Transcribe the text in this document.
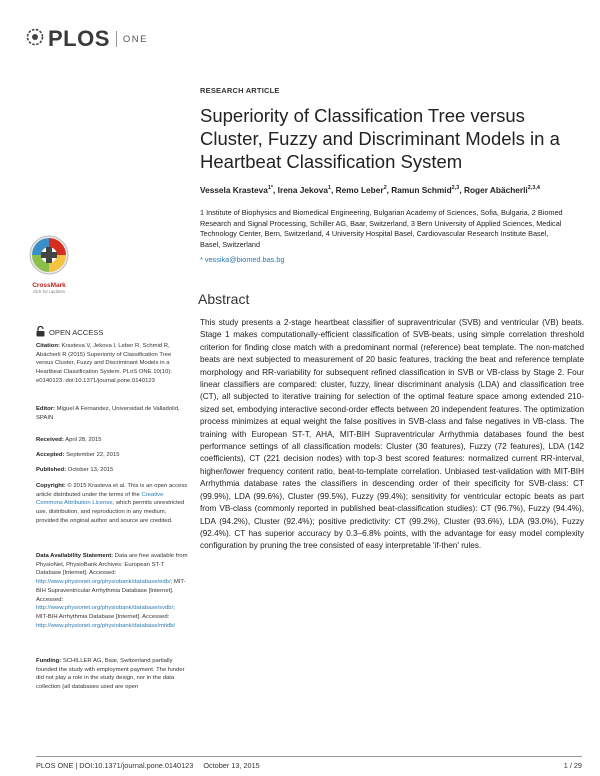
PLOS ONE
RESEARCH ARTICLE
Superiority of Classification Tree versus Cluster, Fuzzy and Discriminant Models in a Heartbeat Classification System
Vessela Krasteva$^{1*}$, Irena Jekova$^1$, Remo Leber$^2$, Ramun Schmid$^{2,3}$, Roger Abächerli$^{2,3,4}$
1 Institute of Biophysics and Biomedical Engineering, Bulgarian Academy of Sciences, Sofia, Bulgaria, 2 Biomed Research and Signal Processing, Schiller AG, Baar, Switzerland, 3 Bern University of Applied Sciences, Medical Technology Center, Bern, Switzerland, 4 University Hospital Basel, Cardiovascular Research Institute Basel, Basel, Switzerland
* vessika@biomed.bas.bg
CrossMark
click for updates
OPEN ACCESS

Citation: Krasteva V, Jekova I, Leber R, Schmid R, Abächerli R (2015) Superiority of Classification Tree versus Cluster, Fuzzy and Discriminant Models in a Heartbeat Classification System. PLoS ONE 10(10): e0140123. doi:10.1371/journal.pone.0140123

Editor: Miguel A Fernandez, Universidad de Valladolid, SPAIN

Received: April 28, 2015

Accepted: September 22, 2015

Published: October 13, 2015

Copyright: © 2015 Krasteva et al. This is an open access article distributed under the terms of the Creative Commons Attribution License, which permits unrestricted use, distribution, and reproduction in any medium, provided the original author and source are credited.

Data Availability Statement: Data are free available from PhysioNet, PhysioBank Archives: European ST-T Database [Internet]. Accessed: http://www.physionet.org/physiobank/database/edb/; MIT-BIH Supraventricular Arrhythmia Database [Internet]. Accessed: http://www.physionet.org/physiobank/database/svdb/; MIT-BIH Arrhythmia Database [Internet]. Accessed: http://www.physionet.org/physiobank/database/mitdb/

Funding: SCHILLER AG, Baar, Switzerland partially founded the study with employment payment. The funder did not play a role in the study design, nor in the data collection (all databases used are open

Abstract

This study presents a 2-stage heartbeat classifier of supraventricular (SVB) and ventricular (VB) beats. Stage 1 makes computationally-efficient classification of SVB-beats, using simple correlation threshold criterion for finding close match with a predominant normal (reference) beat template. The non-matched beats are next subjected to measurement of 20 basic features, tracking the beat and reference template morphology and RR-variability for subsequent refined classification in SVB or VB-class by Stage 2. Four linear classifiers are compared: cluster, fuzzy, linear discriminant analysis (LDA) and classification tree (CT), all subjected to iterative training for selection of the optimal feature space among extended 210-sized set, embodying interactive second-order effects between 20 independent features. The optimization process minimizes at equal weight the false positives in SVB-class and false negatives in VB-class. The training with European ST-T, AHA, MIT-BIH Supraventricular Arrhythmia databases found the best performance settings of all classification models: Cluster (30 features), Fuzzy (72 features), LDA (142 coefficients), CT (221 decision nodes) with top-3 best scored features: normalized current RR-interval, higher/lower frequency content ratio, beat-to-template correlation. Unbiased test-validation with MIT-BIH Arrhythmia database rates the classifiers in descending order of their specificity for SVB-class: CT (99.9%), LDA (99.6%), Cluster (99.5%), Fuzzy (99.4%); sensitivity for ventricular ectopic beats as part from VB-class (commonly reported in published beat-classification studies): CT (96.7%), Fuzzy (94.4%), LDA (94.2%), Cluster (92.4%); positive predictivity: CT (99.2%), Cluster (93.6%), LDA (93.0%), Fuzzy (92.4%). CT has superior accuracy by 0.3–6.8% points, with the advantage for easy model complexity configuration by pruning the tree consisted of easy interpretable 'if-then' rules.

PLOS ONE | DOI:10.1371/journal.pone.0140123 October 13, 2015	1 / 29
